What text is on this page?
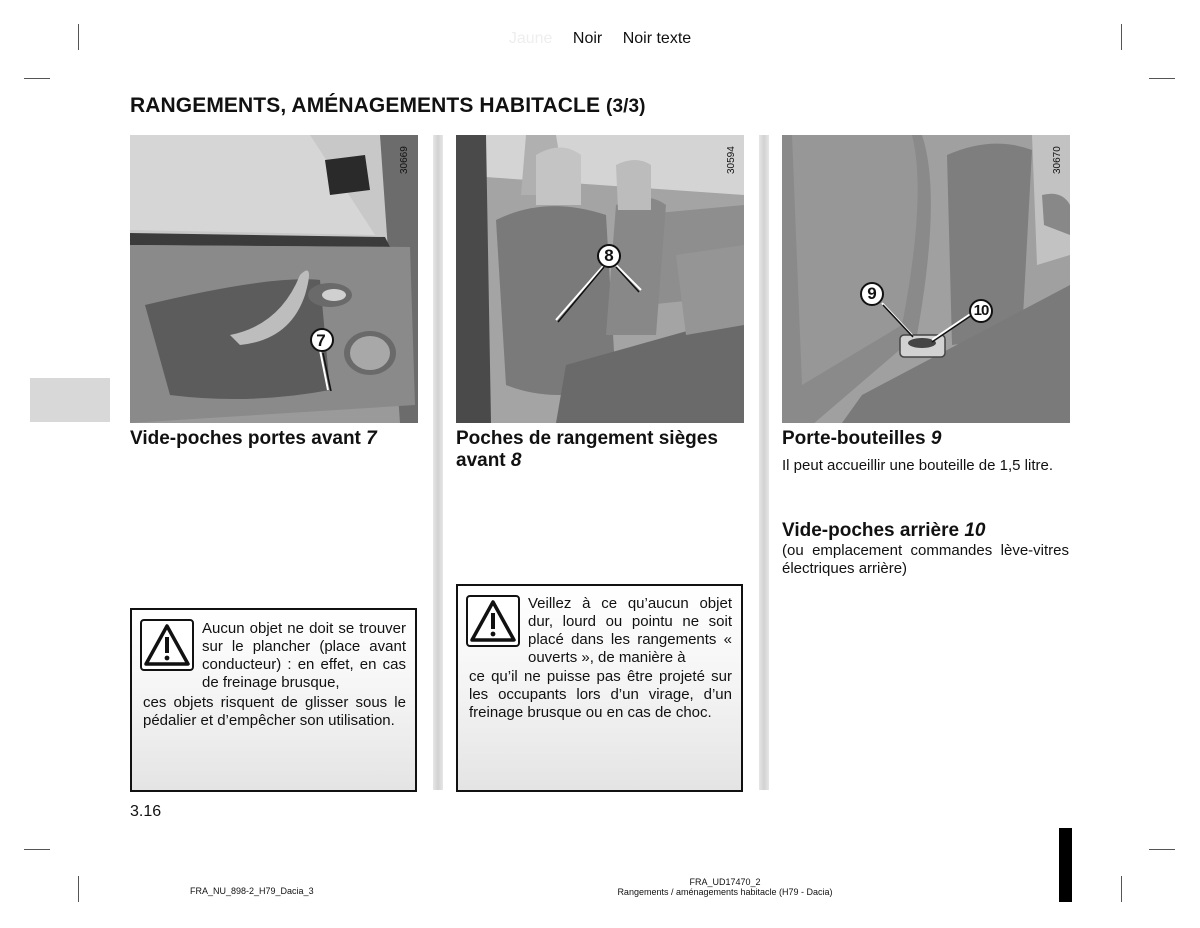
Jaune Noir Noir texte
RANGEMENTS, AMÉNAGEMENTS HABITACLE (3/3)
7
30669
8
30594
9
10
30670
Vide-poches portes avant 7
Aucun objet ne doit se trouver sur le plancher (place avant conducteur) : en effet, en cas de freinage brusque,
ces objets risquent de glisser sous le pédalier et d’empêcher son utilisation.
Poches de rangement sièges avant 8
Veillez à ce qu’aucun objet dur, lourd ou pointu ne soit placé dans les rangements « ouverts », de manière à
ce qu’il ne puisse pas être projeté sur les occupants lors d’un virage, d’un freinage brusque ou en cas de choc.
Porte-bouteilles 9
Il peut accueillir une bouteille de 1,5 litre.
Vide-poches arrière 10
(ou emplacement commandes lève-vitres électriques arrière)
3.16
FRA_NU_898-2_H79_Dacia_3
FRA_UD17470_2
Rangements / aménagements habitacle (H79 - Dacia)
